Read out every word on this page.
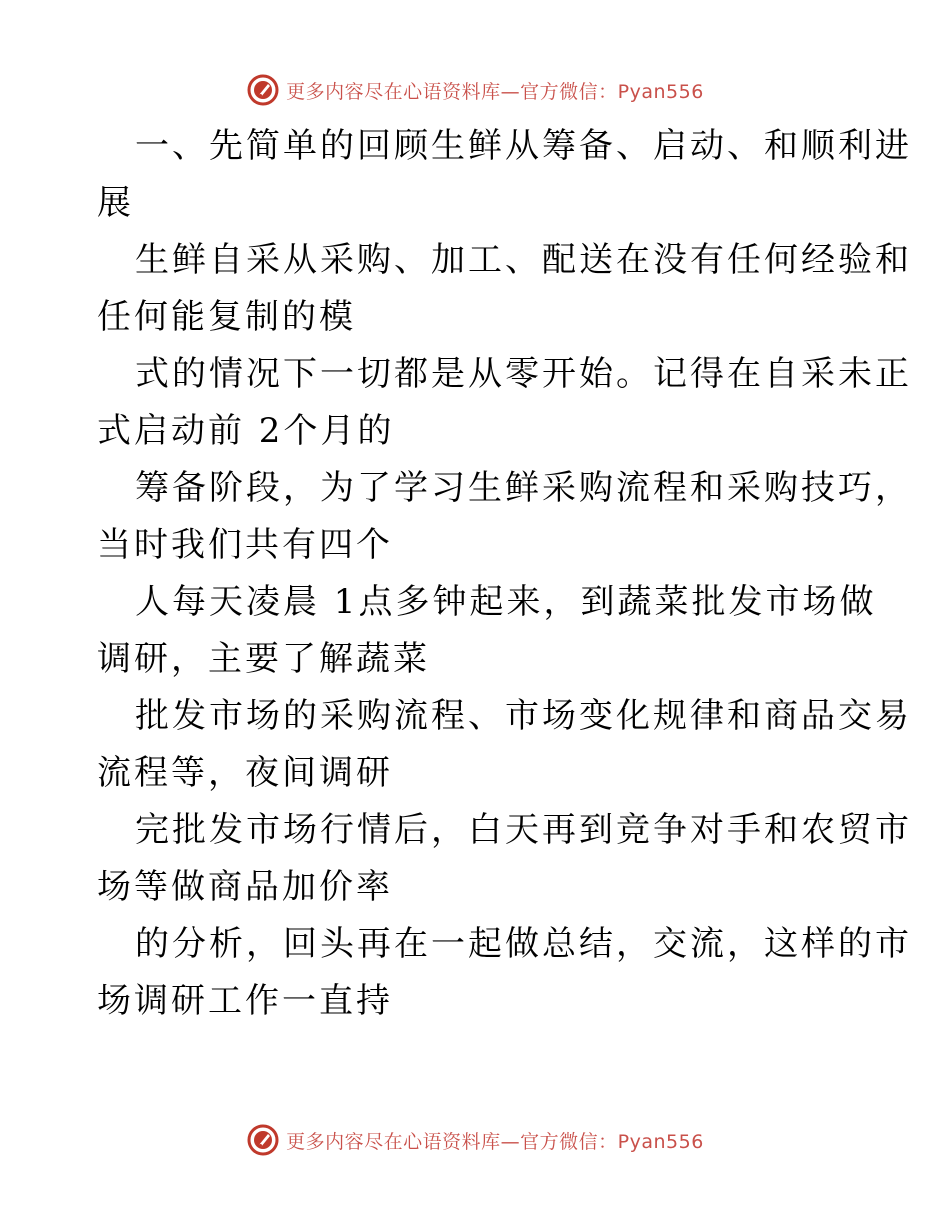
更多内容尽在心语资料库—官方微信：Pyan556
一、先简单的回顾生鲜从筹备、启动、和顺利进
展
生鲜自采从采购、加工、配送在没有任何经验和
任何能复制的模
式的情况下一切都是从零开始。记得在自采未正
式启动前 2个月的
筹备阶段，为了学习生鲜采购流程和采购技巧，
当时我们共有四个
人每天凌晨 1点多钟起来，到蔬菜批发市场做
调研，主要了解蔬菜
批发市场的采购流程、市场变化规律和商品交易
流程等，夜间调研
完批发市场行情后，白天再到竞争对手和农贸市
场等做商品加价率
的分析，回头再在一起做总结，交流，这样的市
场调研工作一直持
更多内容尽在心语资料库—官方微信：Pyan556
